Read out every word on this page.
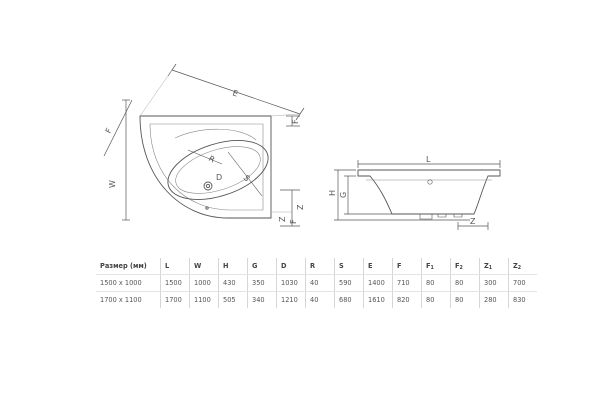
E
F
W
R
D S
F
Z
Z F
L
H G
Z
Размер (мм)	L	W	H	G	D	R	S	E	F	$F_1$	$F_2$	$Z_1$	$Z_2$
1500 x 1000	1500	1000	430	350	1030	40	590	1400	710	80	80	300	700
1700 x 1100	1700	1100	505	340	1210	40	680	1610	820	80	80	280	830
